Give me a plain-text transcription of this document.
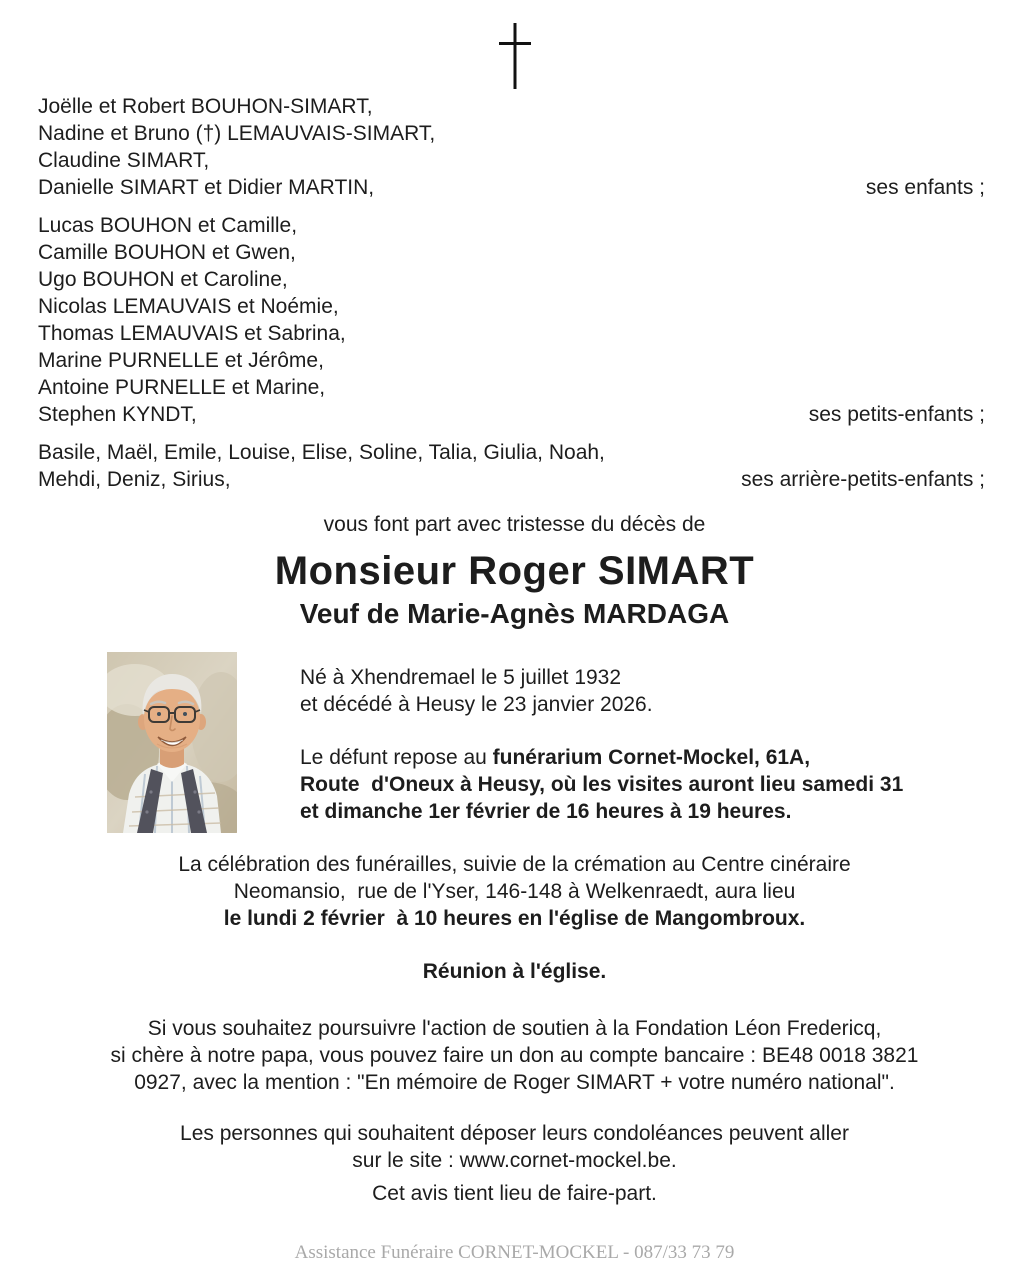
Joëlle et Robert BOUHON-SIMART,
Nadine et Bruno (†) LEMAUVAIS-SIMART,
Claudine SIMART,
Danielle SIMART et Didier MARTIN,	ses enfants ;
Lucas BOUHON et Camille,
Camille BOUHON et Gwen,
Ugo BOUHON et Caroline,
Nicolas LEMAUVAIS et Noémie,
Thomas LEMAUVAIS et Sabrina,
Marine PURNELLE et Jérôme,
Antoine PURNELLE et Marine,
Stephen KYNDT,	ses petits-enfants ;
Basile, Maël, Emile, Louise, Elise, Soline, Talia, Giulia, Noah,
Mehdi, Deniz, Sirius,	ses arrière-petits-enfants ;
vous font part avec tristesse du décès de
Monsieur Roger SIMART
Veuf de Marie-Agnès MARDAGA
Né à Xhendremael le 5 juillet 1932
et décédé à Heusy le 23 janvier 2026.
Le défunt repose au funérarium Cornet-Mockel, 61A,
Route  d'Oneux à Heusy, où les visites auront lieu samedi 31
et dimanche 1er février de 16 heures à 19 heures.
La célébration des funérailles, suivie de la crémation au Centre cinéraire
Neomansio,  rue de l'Yser, 146-148 à Welkenraedt, aura lieu
le lundi 2 février  à 10 heures en l'église de Mangombroux.
Réunion à l'église.
Si vous souhaitez poursuivre l'action de soutien à la Fondation Léon Fredericq,
si chère à notre papa, vous pouvez faire un don au compte bancaire : BE48 0018 3821
0927, avec la mention : "En mémoire de Roger SIMART + votre numéro national".
Les personnes qui souhaitent déposer leurs condoléances peuvent aller
sur le site : www.cornet-mockel.be.
Cet avis tient lieu de faire-part.
Assistance Funéraire CORNET-MOCKEL - 087/33 73 79
